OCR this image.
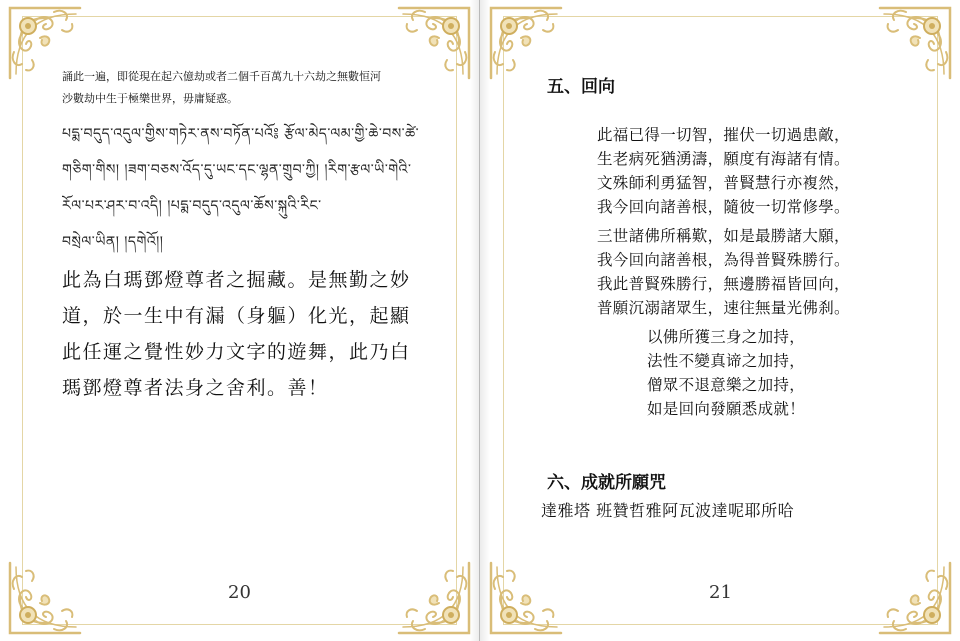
誦此一遍，即從現在起六億劫或者二個千百萬九十六劫之無數恒河
沙數劫中生于極樂世界，毋庸疑惑。
པདྨ་བདུད་འདུལ་གྱིས་གཏེར་ནས་བཏོན་པའོ༔ རྩོལ་མེད་ལམ་གྱི་ཆེ་བས་ཚེ་
གཅིག་གིས། །ཟག་བཅས་འོད་དུ་ཡང་དང་ལྷན་གྲུབ་ཀྱི། །རིག་རྩལ་ཡི་གེའི་
རོལ་པར་ཤར་བ་འདི། །པདྨ་བདུད་འདུལ་ཆོས་སྐུའི་རིང་
བསྲེལ་ཡིན། །དགེའོ།།
此為白瑪鄧燈尊者之掘藏。是無勤之妙
道，於一生中有漏（身軀）化光，起顯
此任運之覺性妙力文字的遊舞，此乃白
瑪鄧燈尊者法身之舍利。善！
20
五、回向
此福已得一切智，摧伏一切過患敵，
生老病死猶湧濤，願度有海諸有情。
文殊師利勇猛智，普賢慧行亦複然，
我今回向諸善根，隨彼一切常修學。
三世諸佛所稱歎，如是最勝諸大願，
我今回向諸善根，為得普賢殊勝行。
我此普賢殊勝行，無邊勝福皆回向，
普願沉溺諸眾生，速往無量光佛刹。
以佛所獲三身之加持，
法性不變真谛之加持，
僧眾不退意樂之加持，
如是回向發願悉成就！
六、成就所願咒
達雅塔 班贊哲雅阿瓦波達呢耶所哈
21
